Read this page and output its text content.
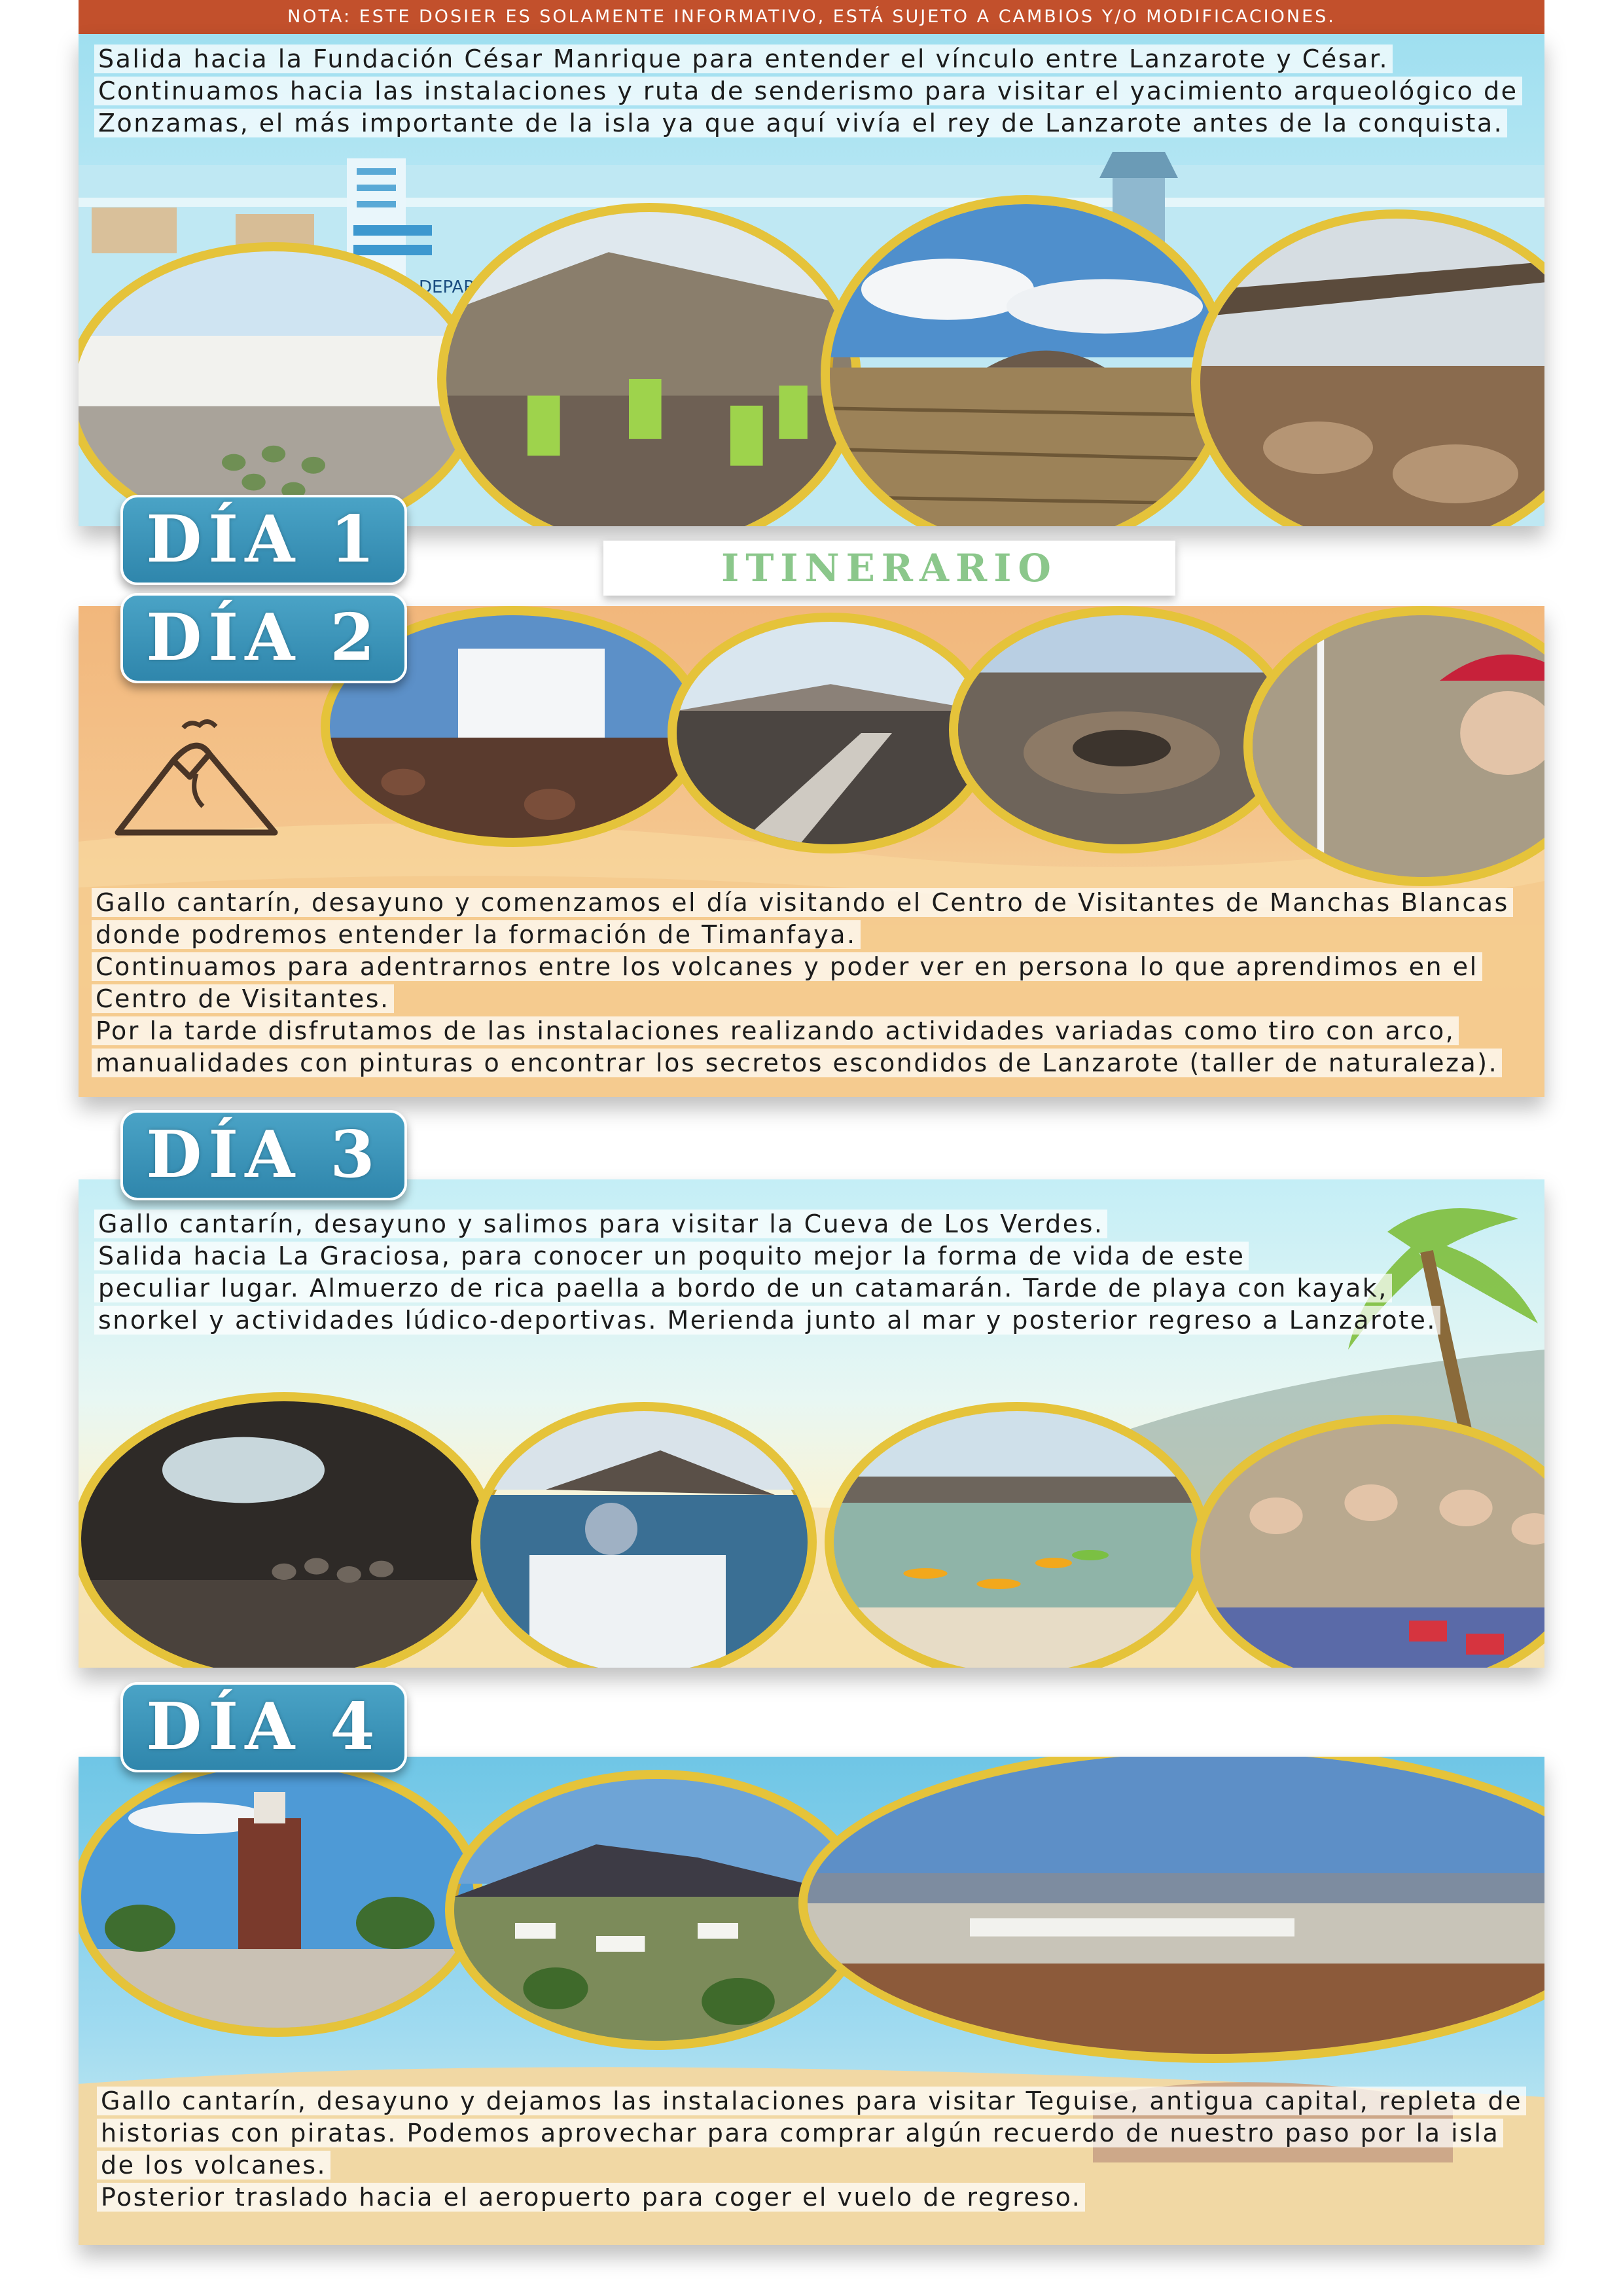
NOTA: ESTE DOSIER ES SOLAMENTE INFORMATIVO, ESTÁ SUJETO A CAMBIOS Y/O MODIFICACIONES.
Salida hacia la Fundación César Manrique para entender el vínculo entre Lanzarote y César.
Continuamos hacia las instalaciones y ruta de senderismo para visitar el yacimiento arqueológico de
Zonzamas, el más importante de la isla ya que aquí vivía el rey de Lanzarote antes de la conquista.
DÍA 1	ITINERARIO
Gallo cantarín, desayuno y comenzamos el día visitando el Centro de Visitantes de Manchas Blancas
donde podremos entender la formación de Timanfaya.
Continuamos para adentrarnos entre los volcanes y poder ver en persona lo que aprendimos en el
Centro de Visitantes.
Por la tarde disfrutamos de las instalaciones realizando actividades variadas como tiro con arco,
manualidades con pinturas o encontrar los secretos escondidos de Lanzarote (taller de naturaleza).
DÍA 2
Gallo cantarín, desayuno y salimos para visitar la Cueva de Los Verdes.
Salida hacia La Graciosa, para conocer un poquito mejor la forma de vida de este
peculiar lugar. Almuerzo de rica paella a bordo de un catamarán. Tarde de playa con kayak,
snorkel y actividades lúdico-deportivas. Merienda junto al mar y posterior regreso a Lanzarote.
DÍA 3
Gallo cantarín, desayuno y dejamos las instalaciones para visitar Teguise, antigua capital, repleta de
historias con piratas. Podemos aprovechar para comprar algún recuerdo de nuestro paso por la isla
de los volcanes.
Posterior traslado hacia el aeropuerto para coger el vuelo de regreso.
DÍA 4
